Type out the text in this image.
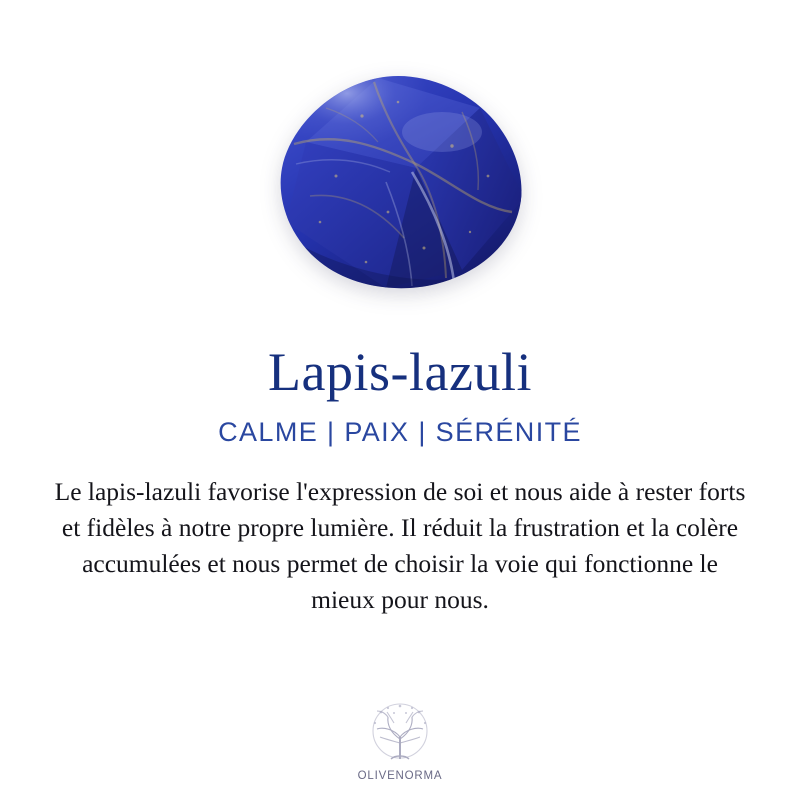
Lapis-lazuli
CALME | PAIX | SÉRÉNITÉ

Le lapis-lazuli favorise l'expression de soi et nous aide à rester forts et fidèles à notre propre lumière. Il réduit la frustration et la colère accumulées et nous permet de choisir la voie qui fonctionne le mieux pour nous.

OLIVENORMA
